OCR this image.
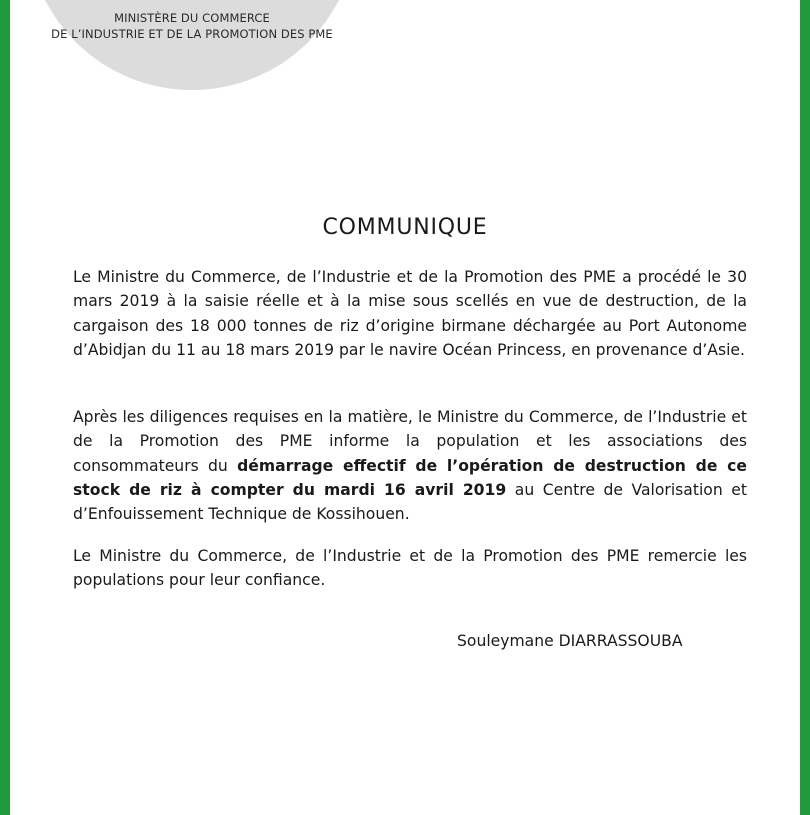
MINISTÈRE DU COMMERCE
DE L’INDUSTRIE ET DE LA PROMOTION DES PME
COMMUNIQUE

Le Ministre du Commerce, de l’Industrie et de la Promotion des PME a procédé le 30 mars 2019 à la saisie réelle et à la mise sous scellés en vue de destruction, de la cargaison des 18 000 tonnes de riz d’origine birmane déchargée au Port Autonome d’Abidjan du 11 au 18 mars 2019 par le navire Océan Princess, en provenance d’Asie.

Après les diligences requises en la matière, le Ministre du Commerce, de l’Industrie et de la Promotion des PME informe la population et les associations des consommateurs du démarrage effectif de l’opération de destruction de ce stock de riz à compter du mardi 16 avril 2019 au Centre de Valorisation et d’Enfouissement Technique de Kossihouen.

Le Ministre du Commerce, de l’Industrie et de la Promotion des PME remercie les populations pour leur confiance.

Souleymane DIARRASSOUBA
